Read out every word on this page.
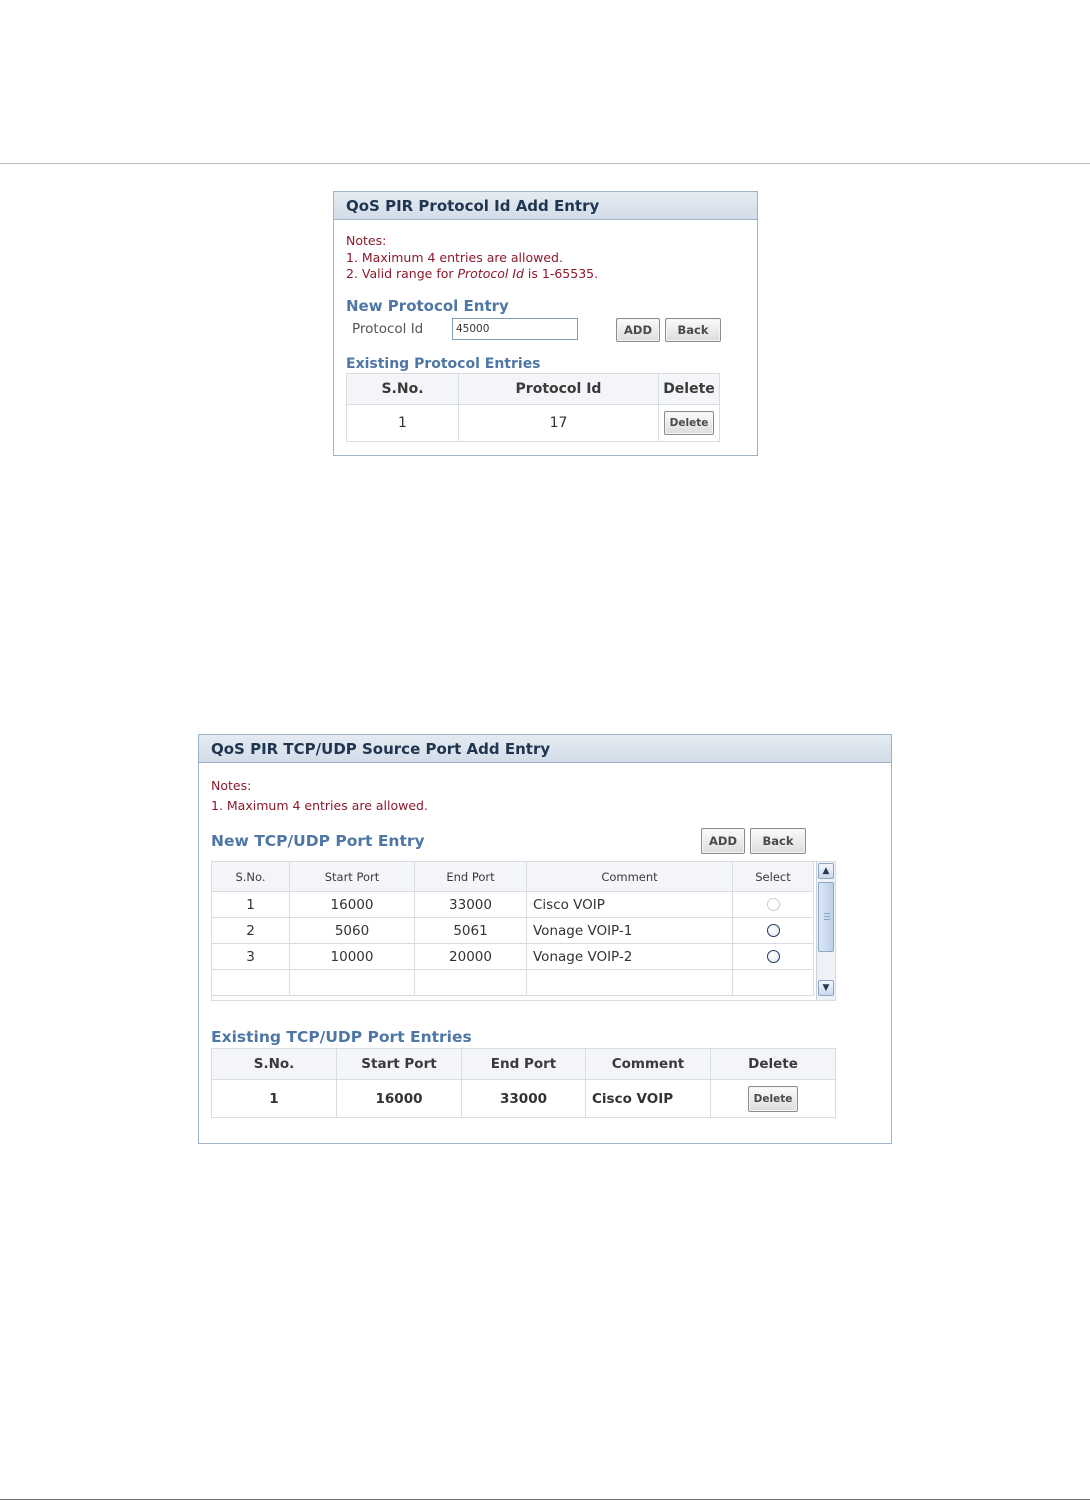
QoS PIR Protocol Id Add Entry
Notes:
1. Maximum 4 entries are allowed.
2. Valid range for Protocol Id is 1-65535.
New Protocol Entry
Protocol Id
45000	ADD	Back
Existing Protocol Entries
S.No.	Protocol Id	Delete
1	17	Delete
QoS PIR TCP/UDP Source Port Add Entry
Notes:
1. Maximum 4 entries are allowed.
New TCP/UDP Port Entry	ADD	Back
S.No.	Start Port	End Port	Comment	Select
1	16000	33000	Cisco VOIP	
2	5060	5061	Vonage VOIP-1	
3	10000	20000	Vonage VOIP-2	

▲
▼
Existing TCP/UDP Port Entries
S.No.	Start Port	End Port	Comment	Delete
1	16000	33000	Cisco VOIP	Delete
